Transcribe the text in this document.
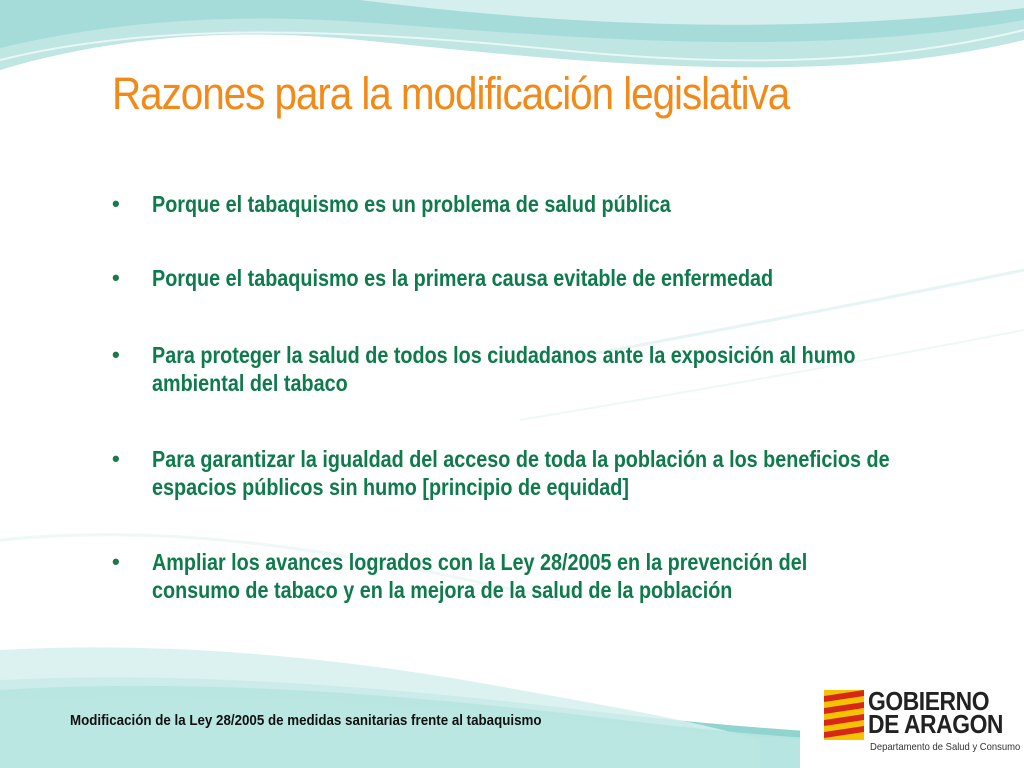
Razones para la modificación legislativa
• Porque el tabaquismo es un problema de salud pública
• Porque el tabaquismo es la primera causa evitable de enfermedad
• Para proteger la salud de todos los ciudadanos ante la exposición al humo ambiental del tabaco
• Para garantizar la igualdad del acceso de toda la población a los beneficios de espacios públicos sin humo [principio de equidad]
• Ampliar los avances logrados con la Ley 28/2005 en la prevención del consumo de tabaco y en la mejora de la salud de la población
Modificación de la Ley 28/2005 de medidas sanitarias frente al tabaquismo
GOBIERNO
DE ARAGON
Departamento de Salud y Consumo
